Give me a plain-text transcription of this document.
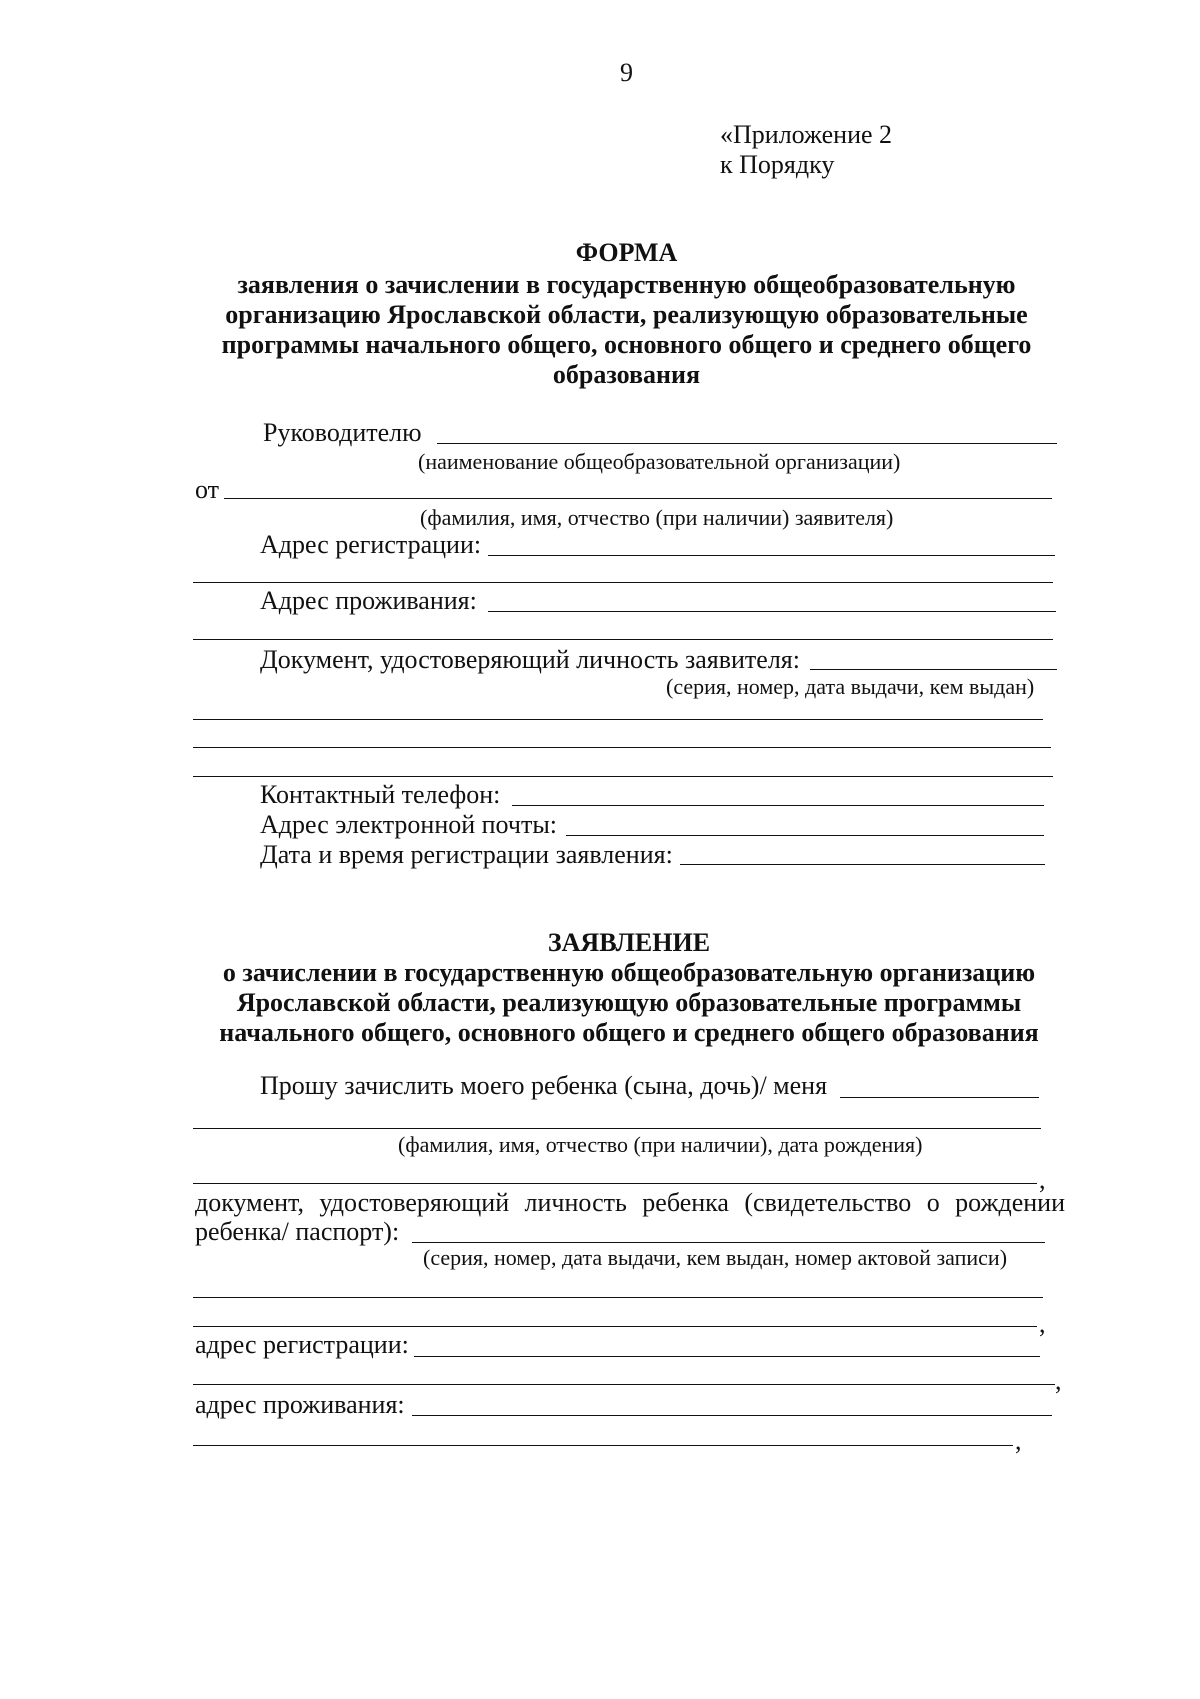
9
«Приложение 2
к Порядку
ФОРМА
заявления о зачислении в государственную общеобразовательную
организацию Ярославской области, реализующую образовательные
программы начального общего, основного общего и среднего общего
образования
Руководителю
(наименование общеобразовательной организации)
от
(фамилия, имя, отчество (при наличии) заявителя)
Адрес регистрации:
Адрес проживания:
Документ, удостоверяющий личность заявителя:
(серия, номер, дата выдачи, кем выдан)
Контактный телефон:
Адрес электронной почты:
Дата и время регистрации заявления:
ЗАЯВЛЕНИЕ
о зачислении в государственную общеобразовательную организацию
Ярославской области, реализующую образовательные программы
начального общего, основного общего и среднего общего образования
Прошу зачислить моего ребенка (сына, дочь)/ меня
(фамилия, имя, отчество (при наличии), дата рождения)
,
документ, удостоверяющий личность ребенка (свидетельство о рождении
ребенка/ паспорт):
(серия, номер, дата выдачи, кем выдан, номер актовой записи)
,
адрес регистрации:
,
адрес проживания:
,
